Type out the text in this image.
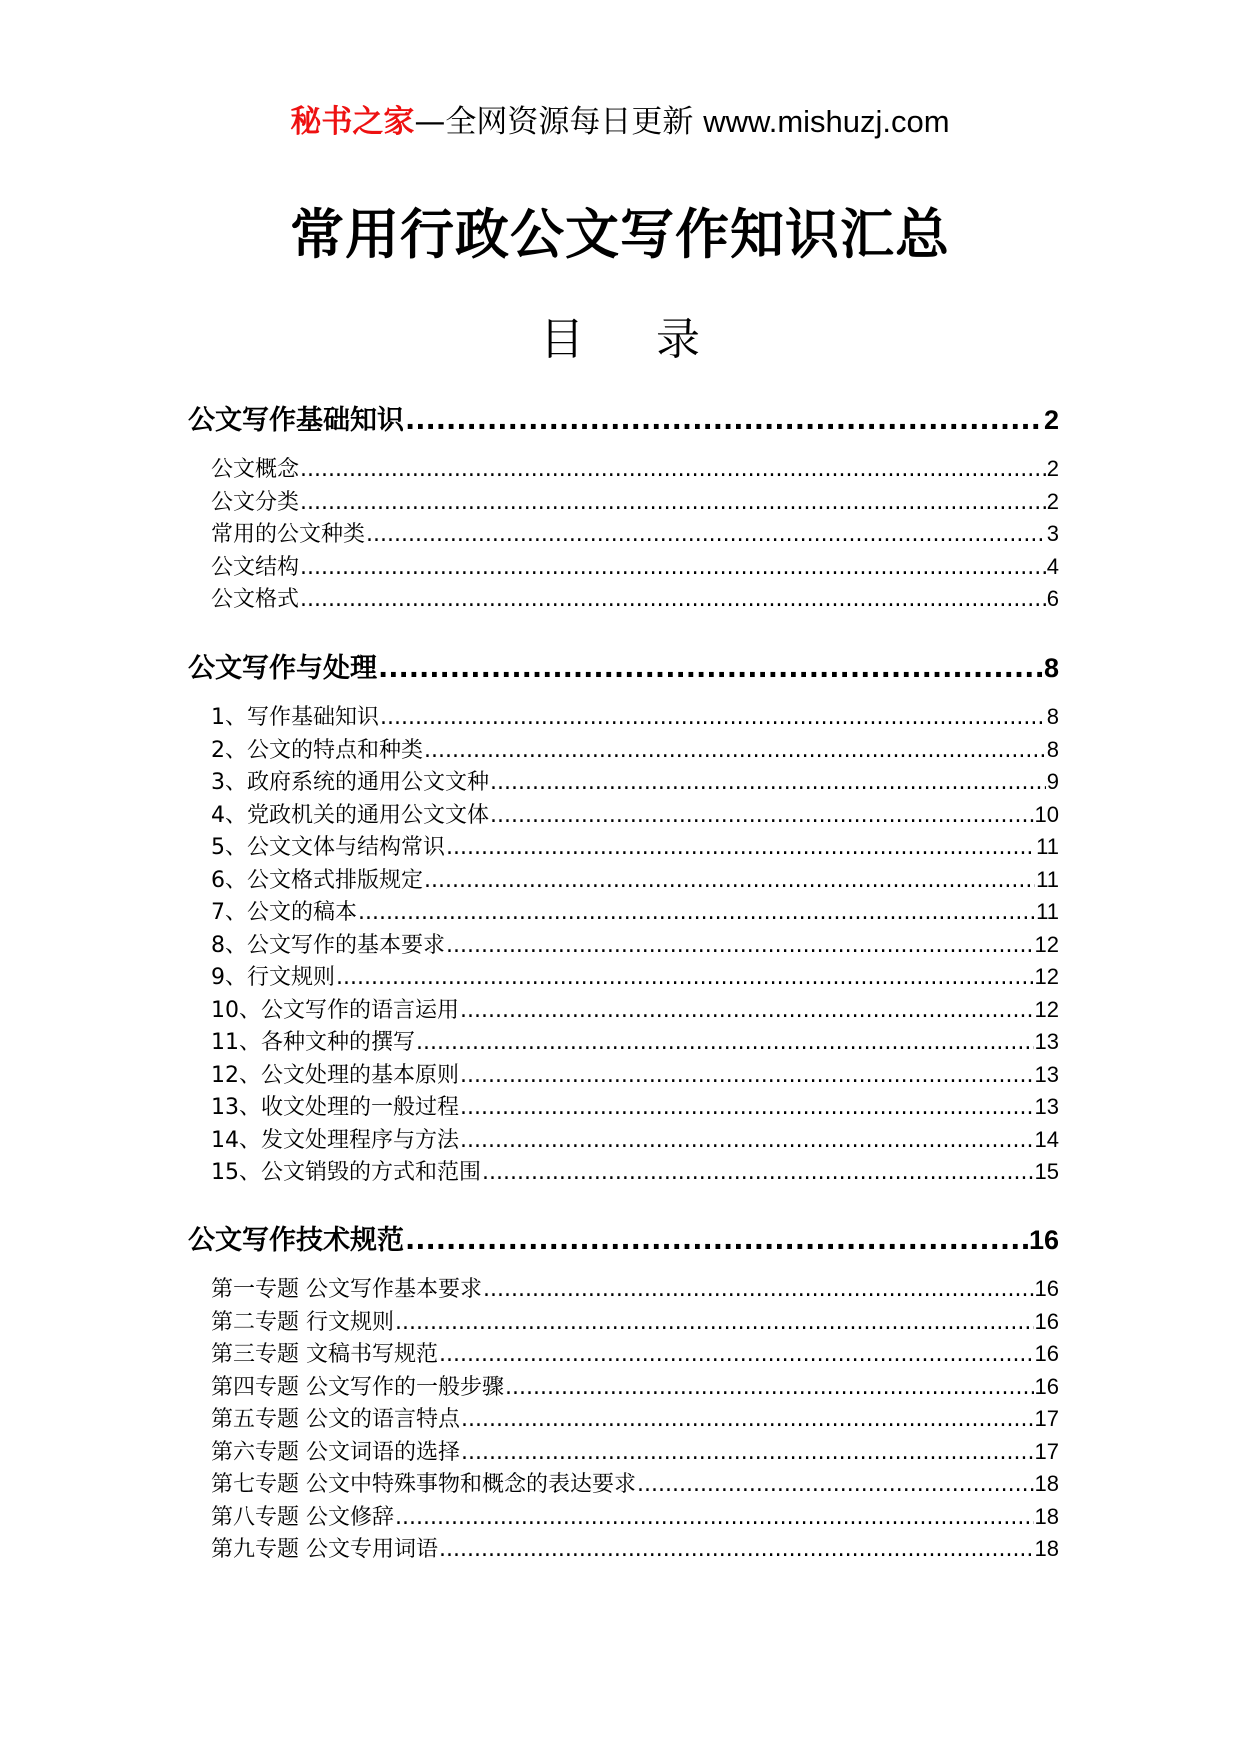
秘书之家—全网资源每日更新 www.mishuzj.com
常用行政公文写作知识汇总
目 录
公文写作基础知识 .....	2
公文概念 .....	2
公文分类 .....	2
常用的公文种类 .....	3
公文结构 .....	4
公文格式 .....	6
公文写作与处理 .....	8
1、写作基础知识 .....	8
2、公文的特点和种类 .....	8
3、政府系统的通用公文文种 .....	9
4、党政机关的通用公文文体 .....	10
5、公文文体与结构常识 .....	11
6、公文格式排版规定 .....	11
7、公文的稿本 .....	11
8、公文写作的基本要求 .....	12
9、行文规则 .....	12
10、公文写作的语言运用 .....	12
11、各种文种的撰写 .....	13
12、公文处理的基本原则 .....	13
13、收文处理的一般过程 .....	13
14、发文处理程序与方法 .....	14
15、公文销毁的方式和范围 .....	15
公文写作技术规范 .....	16
第一专题 公文写作基本要求 .....	16
第二专题 行文规则 .....	16
第三专题 文稿书写规范 .....	16
第四专题 公文写作的一般步骤 .....	16
第五专题 公文的语言特点 .....	17
第六专题 公文词语的选择 .....	17
第七专题 公文中特殊事物和概念的表达要求 .....	18
第八专题 公文修辞 .....	18
第九专题 公文专用词语 .....	18
